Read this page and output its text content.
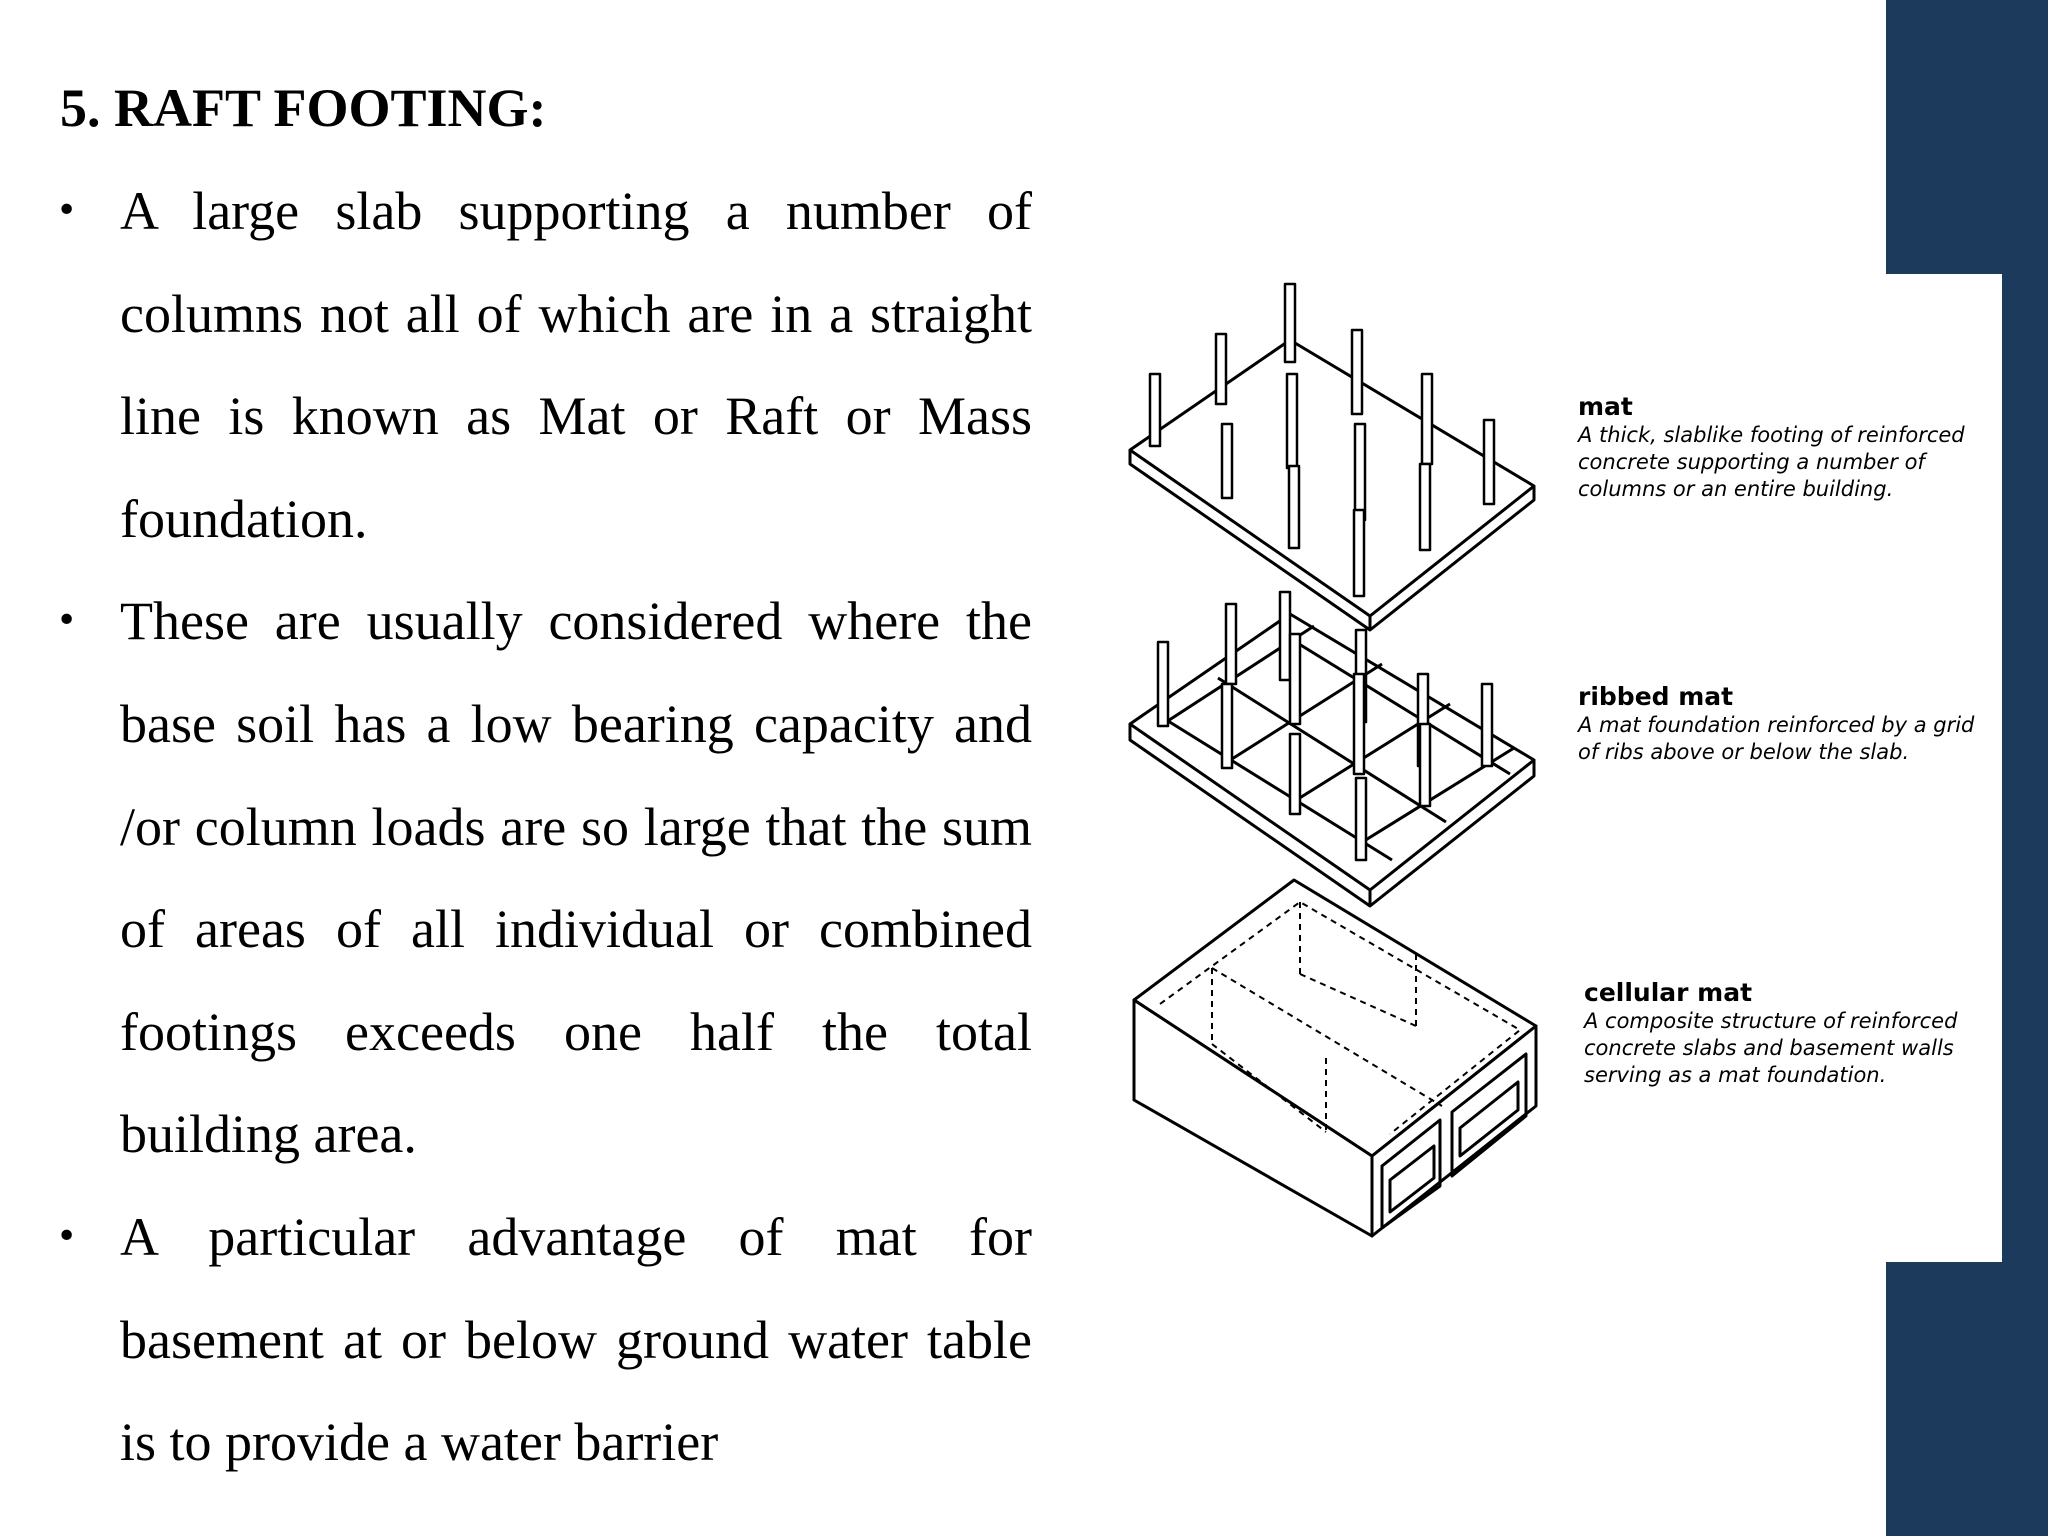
5. RAFT FOOTING:
• A large slab supporting a number of columns not all of which are in a straight line is known as Mat or Raft or Mass foundation.
• These are usually considered where the base soil has a low bearing capacity and /or column loads are so large that the sum of areas of all individual or combined footings exceeds one half the total building area.
• A particular advantage of mat for basement at or below ground water table is to provide a water barrier
mat
A thick, slablike footing of reinforced concrete supporting a number of columns or an entire building.
ribbed mat
A mat foundation reinforced by a grid of ribs above or below the slab.
cellular mat
A composite structure of reinforced concrete slabs and basement walls serving as a mat foundation.
